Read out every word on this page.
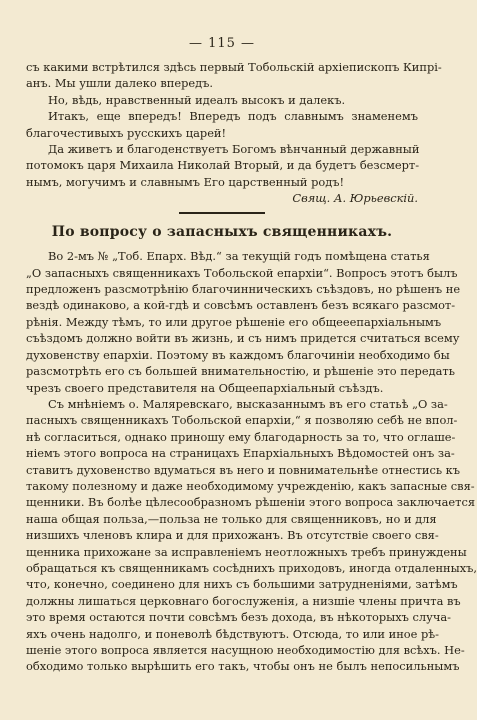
— 115 —
съ какими встрѣтился здѣсь первый Тобольскій архіепископъ Кипрі-
анъ. Мы ушли далеко впередъ.
Но, вѣдь, нравственный идеалъ высокъ и далекъ.
Итакъ, еще впередъ! Впередъ подъ славнымъ знаменемъ
благочестивыхъ русскихъ царей!
Да живетъ и благоденствуетъ Богомъ вѣнчанный державный
потомокъ царя Михаила Николай Вторый, и да будетъ безсмерт-
нымъ, могучимъ и славнымъ Его царственный родъ!
Свящ. А. Юрьевскій.
По вопросу о запасныхъ священникахъ.
Во 2-мъ № „Тоб. Епарх. Вѣд.“ за текущій годъ помѣщена статья
„О запасныхъ священникахъ Тобольской епархіи“. Вопросъ этотъ былъ
предложенъ разсмотрѣнію благочинническихъ съѣздовъ, но рѣшенъ не
вездѣ одинаково, а кой-гдѣ и совсѣмъ оставленъ безъ всякаго разсмот-
рѣнія. Между тѣмъ, то или другое рѣшеніе его общееепархіальнымъ
съѣздомъ должно войти въ жизнь, и съ нимъ придется считаться всему
духовенству епархіи. Поэтому въ каждомъ благочиніи необходимо бы
разсмотрѣть его съ большей внимательностію, и рѣшеніе это передать
чрезъ своего представителя на Общеепархіальный съѣздъ.
Съ мнѣніемъ о. Маляревскаго, высказаннымъ въ его статьѣ „О за-
пасныхъ священникахъ Тобольской епархіи,“ я позволяю себѣ не впол-
нѣ согласиться, однако приношу ему благодарность за то, что оглаше-
ніемъ этого вопроса на страницахъ Епархіальныхъ Вѣдомостей онъ за-
ставитъ духовенство вдуматься въ него и повнимательнѣе отнестись къ
такому полезному и даже необходимому учрежденію, какъ запасные свя-
щенники. Въ болѣе цѣлесообразномъ рѣшеніи этого вопроса заключается
наша общая польза,—польза не только для священниковъ, но и для
низшихъ членовъ клира и для прихожанъ. Въ отсутствіе своего свя-
щенника прихожане за исправленіемъ неотложныхъ требъ принуждены
обращаться къ священникамъ сосѣднихъ приходовъ, иногда отдаленныхъ,
что, конечно, соединено для нихъ съ большими затрудненіями, затѣмъ
должны лишаться церковнаго богослуженія, а низшіе члены причта въ
это время остаются почти совсѣмъ безъ дохода, въ нѣкоторыхъ случа-
яхъ очень надолго, и поневолѣ бѣдствуютъ. Отсюда, то или иное рѣ-
шеніе этого вопроса является насущною необходимостію для всѣхъ. Не-
обходимо только вырѣшить его такъ, чтобы онъ не былъ непосильнымъ
